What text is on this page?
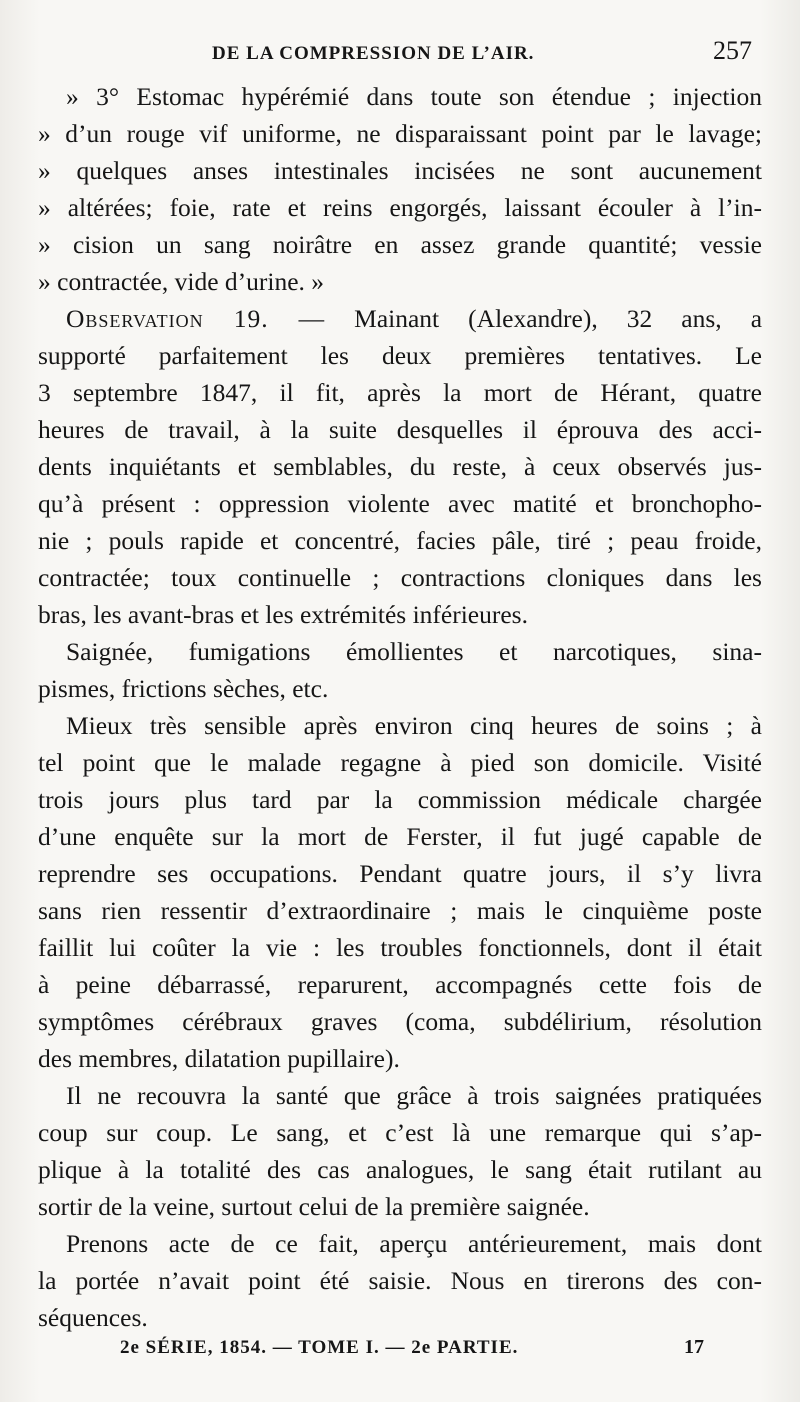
DE LA COMPRESSION DE L’AIR.	257
» 3° Estomac hypérémié dans toute son étendue ; injection
» d’un rouge vif uniforme, ne disparaissant point par le lavage;
» quelques anses intestinales incisées ne sont aucunement
» altérées; foie, rate et reins engorgés, laissant écouler à l’in-
» cision un sang noirâtre en assez grande quantité; vessie
» contractée, vide d’urine. »
Observation 19. — Mainant (Alexandre), 32 ans, a
supporté parfaitement les deux premières tentatives. Le
3 septembre 1847, il fit, après la mort de Hérant, quatre
heures de travail, à la suite desquelles il éprouva des acci-
dents inquiétants et semblables, du reste, à ceux observés jus-
qu’à présent : oppression violente avec matité et bronchopho-
nie ; pouls rapide et concentré, facies pâle, tiré ; peau froide,
contractée; toux continuelle ; contractions cloniques dans les
bras, les avant-bras et les extrémités inférieures.
Saignée, fumigations émollientes et narcotiques, sina-
pismes, frictions sèches, etc.
Mieux très sensible après environ cinq heures de soins ; à
tel point que le malade regagne à pied son domicile. Visité
trois jours plus tard par la commission médicale chargée
d’une enquête sur la mort de Ferster, il fut jugé capable de
reprendre ses occupations. Pendant quatre jours, il s’y livra
sans rien ressentir d’extraordinaire ; mais le cinquième poste
faillit lui coûter la vie : les troubles fonctionnels, dont il était
à peine débarrassé, reparurent, accompagnés cette fois de
symptômes cérébraux graves (coma, subdélirium, résolution
des membres, dilatation pupillaire).
Il ne recouvra la santé que grâce à trois saignées pratiquées
coup sur coup. Le sang, et c’est là une remarque qui s’ap-
plique à la totalité des cas analogues, le sang était rutilant au
sortir de la veine, surtout celui de la première saignée.
Prenons acte de ce fait, aperçu antérieurement, mais dont
la portée n’avait point été saisie. Nous en tirerons des con-
séquences.
2e SÉRIE, 1854. — TOME I. — 2e PARTIE.	17
